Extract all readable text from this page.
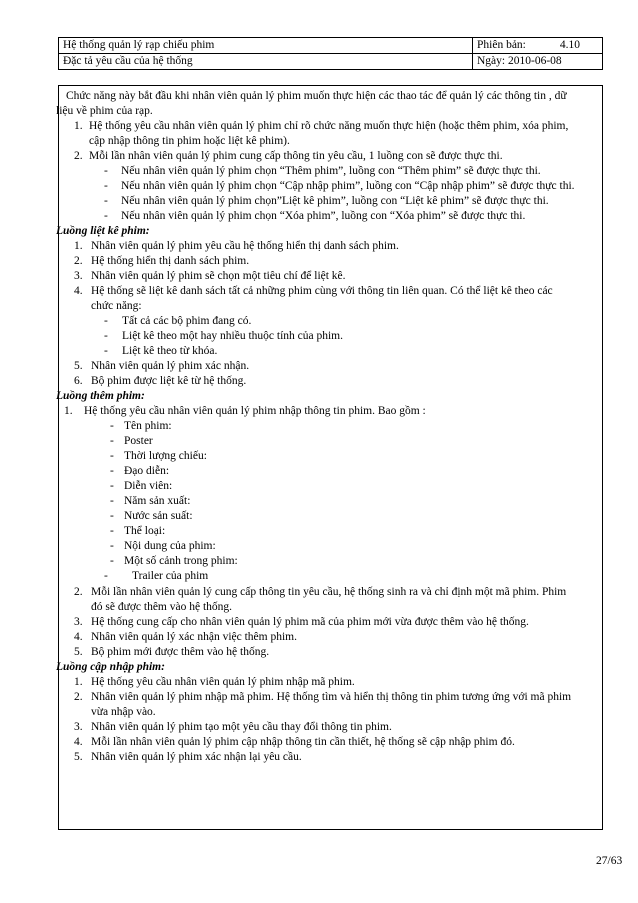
Hệ thống quản lý rạp chiếu phim	Phiên bản: 4.10
Đặc tả yêu cầu của hệ thống	Ngày: 2010-06-08
Chức năng này bắt đầu khi nhân viên quản lý phim muốn thực hiện các thao tác để quản lý các thông tin , dữ
liệu về phim của rạp.
1. Hệ thống yêu cầu nhân viên quản lý phim chỉ rõ chức năng muốn thực hiện (hoặc thêm phim, xóa phim,
cập nhập thông tin phim hoặc liệt kê phim).
2. Mỗi lần nhân viên quản lý phim cung cấp thông tin yêu cầu, 1 luồng con sẽ được thực thi.
- Nếu nhân viên quản lý phim chọn “Thêm phim”, luồng con “Thêm phim” sẽ được thực thi.
- Nếu nhân viên quản lý phim chọn “Cập nhập phim”, luồng con “Cập nhập phim” sẽ được thực thi.
- Nếu nhân viên quản lý phim chọn”Liệt kê phim”, luồng con “Liệt kê phim” sẽ được thực thi.
- Nếu nhân viên quản lý phim chọn “Xóa phim”, luồng con “Xóa phim” sẽ được thực thi.
Luồng liệt kê phim:
1. Nhân viên quản lý phim yêu cầu hệ thống hiển thị danh sách phim.
2. Hệ thống hiển thị danh sách phim.
3. Nhân viên quản lý phim sẽ chọn một tiêu chí để liệt kê.
4. Hệ thống sẽ liệt kê danh sách tất cả những phim cùng với thông tin liên quan. Có thể liệt kê theo các
chức năng:
- Tất cả các bộ phim đang có.
- Liệt kê theo một hay nhiều thuộc tính của phim.
- Liệt kê theo từ khóa.
5. Nhân viên quản lý phim xác nhận.
6. Bộ phim được liệt kê từ hệ thống.
Luồng thêm phim:
1. Hệ thống yêu cầu nhân viên quản lý phim nhập thông tin phim. Bao gồm :
- Tên phim:
- Poster
- Thời lượng chiếu:
- Đạo diễn:
- Diễn viên:
- Năm sản xuất:
- Nước sản suất:
- Thể loại:
- Nội dung của phim:
- Một số cảnh trong phim:
- Trailer của phim
2. Mỗi lần nhân viên quản lý cung cấp thông tin yêu cầu, hệ thống sinh ra và chỉ định một mã phim. Phim
đó sẽ được thêm vào hệ thống.
3. Hệ thống cung cấp cho nhân viên quản lý phim mã của phim mới vừa được thêm vào hệ thống.
4. Nhân viên quản lý xác nhận việc thêm phim.
5. Bộ phim mới được thêm vào hệ thống.
Luồng cập nhập phim:
1. Hệ thống yêu cầu nhân viên quản lý phim nhập mã phim.
2. Nhân viên quản lý phim nhập mã phim. Hệ thống tìm và hiển thị thông tin phim tương ứng với mã phim
vừa nhập vào.
3. Nhân viên quản lý phim tạo một yêu cầu thay đổi thông tin phim.
4. Mỗi lần nhân viên quản lý phim cập nhập thông tin cần thiết, hệ thống sẽ cập nhập phim đó.
5. Nhân viên quản lý phim xác nhận lại yêu cầu.
27/63
